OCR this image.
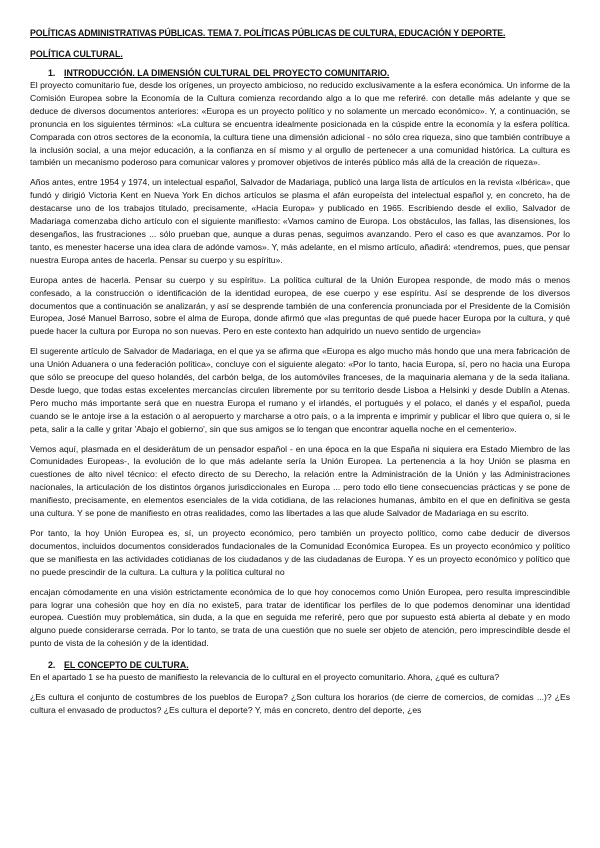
POLÍTICAS ADMINISTRATIVAS PÚBLICAS. TEMA 7. POLÍTICAS PÚBLICAS DE CULTURA, EDUCACIÓN Y DEPORTE.
POLÍTICA CULTURAL.
1. INTRODUCCIÓN. LA DIMENSIÓN CULTURAL DEL PROYECTO COMUNITARIO.

El proyecto comunitario fue, desde los orígenes, un proyecto ambicioso, no reducido exclusivamente a la esfera económica. Un informe de la Comisión Europea sobre la Economía de la Cultura comienza recordando algo a lo que me referiré. con detalle más adelante y que se deduce de diversos documentos anteriores: «Europa es un proyecto político y no solamente un mercado económico». Y, a continuación, se pronuncia en los siguientes términos: «La cultura se encuentra idealmente posicionada en la cúspide entre la economía y la esfera política. Comparada con otros sectores de la economía, la cultura tiene una dimensión adicional - no sólo crea riqueza, sino que también contribuye a la inclusión social, a una mejor educación, a la confianza en sí mismo y al orgullo de pertenecer a una comunidad histórica. La cultura es también un mecanismo poderoso para comunicar valores y promover objetivos de interés público más allá de la creación de riqueza».

Años antes, entre 1954 y 1974, un intelectual español, Salvador de Madariaga, publicó una larga lista de artículos en la revista «Ibérica», que fundó y dirigió Victoria Kent en Nueva York En dichos artículos se plasma el afán europeísta del intelectual español y, en concreto, ha de destacarse uno de los trabajos titulado, precisamente, «Hacia Europa» y publicado en 1965. Escribiendo desde el exilio, Salvador de Madariaga comenzaba dicho artículo con el siguiente manifiesto: «Vamos camino de Europa. Los obstáculos, las fallas, las disensiones, los desengaños, las frustraciones ... sólo prueban que, aunque a duras penas, seguimos avanzando. Pero el caso es que avanzamos. Por lo tanto, es menester hacerse una idea clara de adónde vamos». Y, más adelante, en el mismo artículo, añadirá: «tendremos, pues, que pensar nuestra Europa antes de hacerla. Pensar su cuerpo y su espíritu».

Europa antes de hacerla. Pensar su cuerpo y su espíritu». La política cultural de la Unión Europea responde, de modo más o menos confesado, a la construcción o identificación de la identidad europea, de ese cuerpo y ese espíritu. Así se desprende de los diversos documentos que a continuación se analizarán, y así se desprende también de una conferencia pronunciada por el Presidente de la Comisión Europea, José Manuel Barroso, sobre el alma de Europa, donde afirmó que «las preguntas de qué puede hacer Europa por la cultura, y qué puede hacer la cultura por Europa no son nuevas. Pero en este contexto han adquirido un nuevo sentido de urgencia»

El sugerente artículo de Salvador de Madariaga, en el que ya se afirma que «Europa es algo mucho más hondo que una mera fabricación de una Unión Aduanera o una federación política», concluye con el siguiente alegato: «Por lo tanto, hacia Europa, sí, pero no hacia una Europa que sólo se preocupe del queso holandés, del carbón belga, de los automóviles franceses, de la maquinaria alemana y de la seda italiana. Desde luego, que todas estas excelentes mercancías circulen libremente por su territorio desde Lisboa a Helsinki y desde Dublín a Atenas. Pero mucho más importante será que en nuestra Europa el rumano y el irlandés, el portugués y el polaco, el danés y el español, pueda cuando se le antoje irse a la estación o al aeropuerto y marcharse a otro país, o a la imprenta e imprimir y publicar el libro que quiera o, si le peta, salir a la calle y gritar 'Abajo el gobierno', sin que sus amigos se lo tengan que encontrar aquella noche en el cementerio».

Vemos aquí, plasmada en el desiderátum de un pensador español - en una época en la que España ni siquiera era Estado Miembro de las Comunidades Europeas-, la evolución de lo que más adelante sería la Unión Europea. La pertenencia a la hoy Unión se plasma en cuestiones de alto nivel técnico: el efecto directo de su Derecho, la relación entre la Administración de la Unión y las Administraciones nacionales, la articulación de los distintos órganos jurisdiccionales en Europa ... pero todo ello tiene consecuencias prácticas y se pone de manifiesto, precisamente, en elementos esenciales de la vida cotidiana, de las relaciones humanas, ámbito en el que en definitiva se gesta una cultura. Y se pone de manifiesto en otras realidades, como las libertades a las que alude Salvador de Madariaga en su escrito.

Por tanto, la hoy Unión Europea es, sí, un proyecto económico, pero también un proyecto político, como cabe deducir de diversos documentos, incluidos documentos considerados fundacionales de la Comunidad Económica Europea. Es un proyecto económico y político que se manifiesta en las actividades cotidianas de los ciudadanos y de las ciudadanas de Europa. Y es un proyecto económico y político que no puede prescindir de la cultura. La cultura y la política cultural no

encajan cómodamente en una visión estrictamente económica de lo que hoy conocemos como Unión Europea, pero resulta imprescindible para lograr una cohesión que hoy en día no existe5, para tratar de identificar los perfiles de lo que podemos denominar una identidad europea. Cuestión muy problemática, sin duda, a la que en seguida me referiré, pero que por supuesto está abierta al debate y en modo alguno puede considerarse cerrada. Por lo tanto, se trata de una cuestión que no suele ser objeto de atención, pero imprescindible desde el punto de vista de la cohesión y de la identidad.

2. EL CONCEPTO DE CULTURA.

En el apartado 1 se ha puesto de manifiesto la relevancia de lo cultural en el proyecto comunitario. Ahora, ¿qué es cultura?

¿Es cultura el conjunto de costumbres de los pueblos de Europa? ¿Son cultura los horarios (de cierre de comercios, de comidas ...)? ¿Es cultura el envasado de productos? ¿Es cultura el deporte? Y, más en concreto, dentro del deporte, ¿es
